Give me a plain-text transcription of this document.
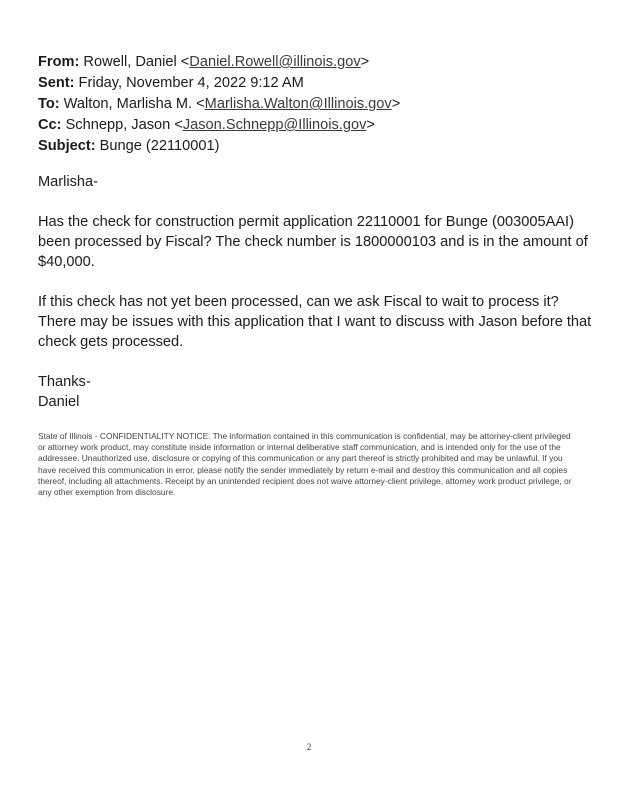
From: Rowell, Daniel <Daniel.Rowell@illinois.gov>
Sent: Friday, November 4, 2022 9:12 AM
To: Walton, Marlisha M. <Marlisha.Walton@Illinois.gov>
Cc: Schnepp, Jason <Jason.Schnepp@Illinois.gov>
Subject: Bunge (22110001)

Marlisha-

Has the check for construction permit application 22110001 for Bunge (003005AAI) been processed by Fiscal? The check number is 1800000103 and is in the amount of $40,000.

If this check has not yet been processed, can we ask Fiscal to wait to process it? There may be issues with this application that I want to discuss with Jason before that check gets processed.

Thanks-

Daniel

State of Illinois - CONFIDENTIALITY NOTICE: The information contained in this communication is confidential, may be attorney-client privileged or attorney work product, may constitute inside information or internal deliberative staff communication, and is intended only for the use of the addressee. Unauthorized use, disclosure or copying of this communication or any part thereof is strictly prohibited and may be unlawful. If you have received this communication in error, please notify the sender immediately by return e-mail and destroy this communication and all copies thereof, including all attachments. Receipt by an unintended recipient does not waive attorney-client privilege, attorney work product privilege, or any other exemption from disclosure.
2
